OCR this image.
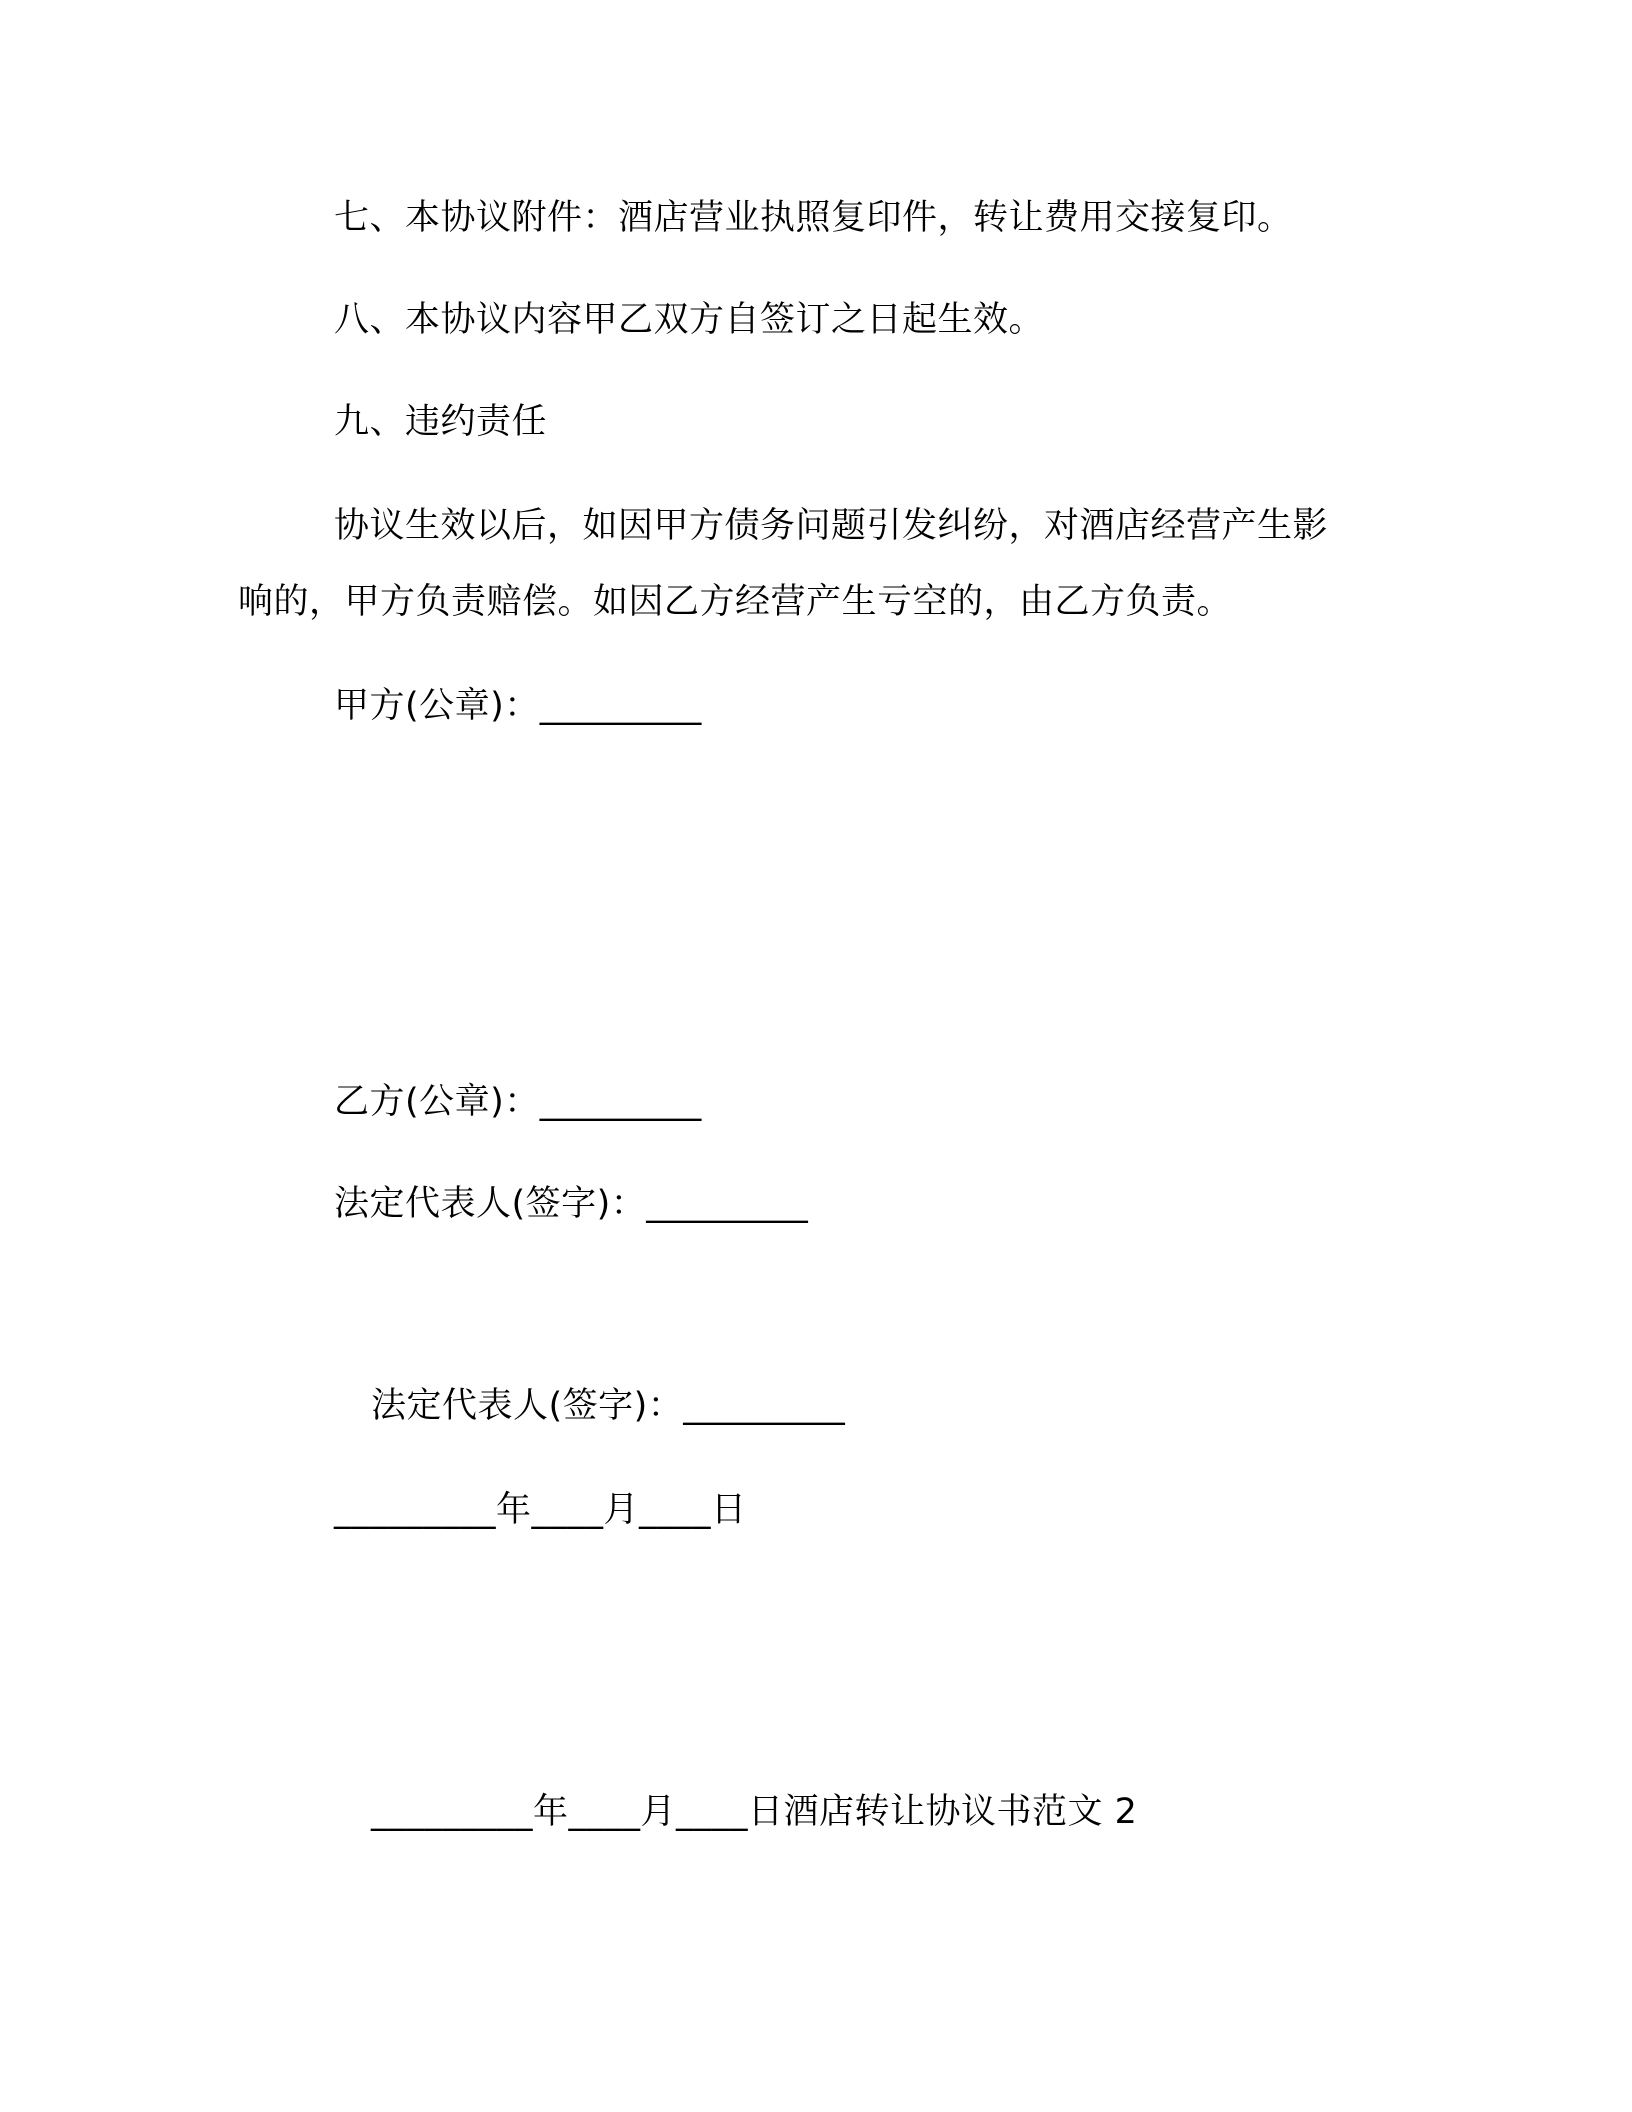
七、本协议附件：酒店营业执照复印件，转让费用交接复印。
八、本协议内容甲乙双方自签订之日起生效。
九、违约责任
协议生效以后，如因甲方债务问题引发纠纷，对酒店经营产生影
响的，甲方负责赔偿。如因乙方经营产生亏空的，由乙方负责。
甲方(公章)：_________
乙方(公章)：_________
法定代表人(签字)：_________
法定代表人(签字)：_________
_________年____月____日
_________年____月____日酒店转让协议书范文 2
